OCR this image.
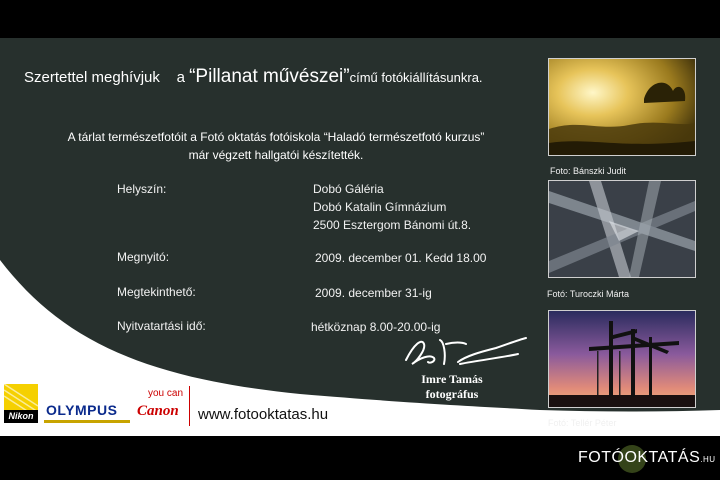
Szertettel meghívjuk a “Pillanat művészei”című fotókiállításunkra.
A tárlat természetfotóit a Fotó oktatás fotóiskola “Haladó természetfotó kurzus”
már végzett hallgatói készítették.
Helyszín:	Dobó Gáléria
Dobó Katalin Gímnázium
2500 Esztergom Bánomi út.8.
Megnyitó:	2009. december 01. Kedd 18.00
Megtekinthető:	2009. december 31-ig
Nyitvatartási idő:	hétköznap 8.00-20.00-ig
Foto: Bánszki Judit
Fotó: Turoczki Márta
Fotó: Tellér Péter
Imre Tamás
fotográfus
Nikon OLYMPUS
you can
Canon www.fotooktatas.hu
FOTÓOKTATÁS.HU
